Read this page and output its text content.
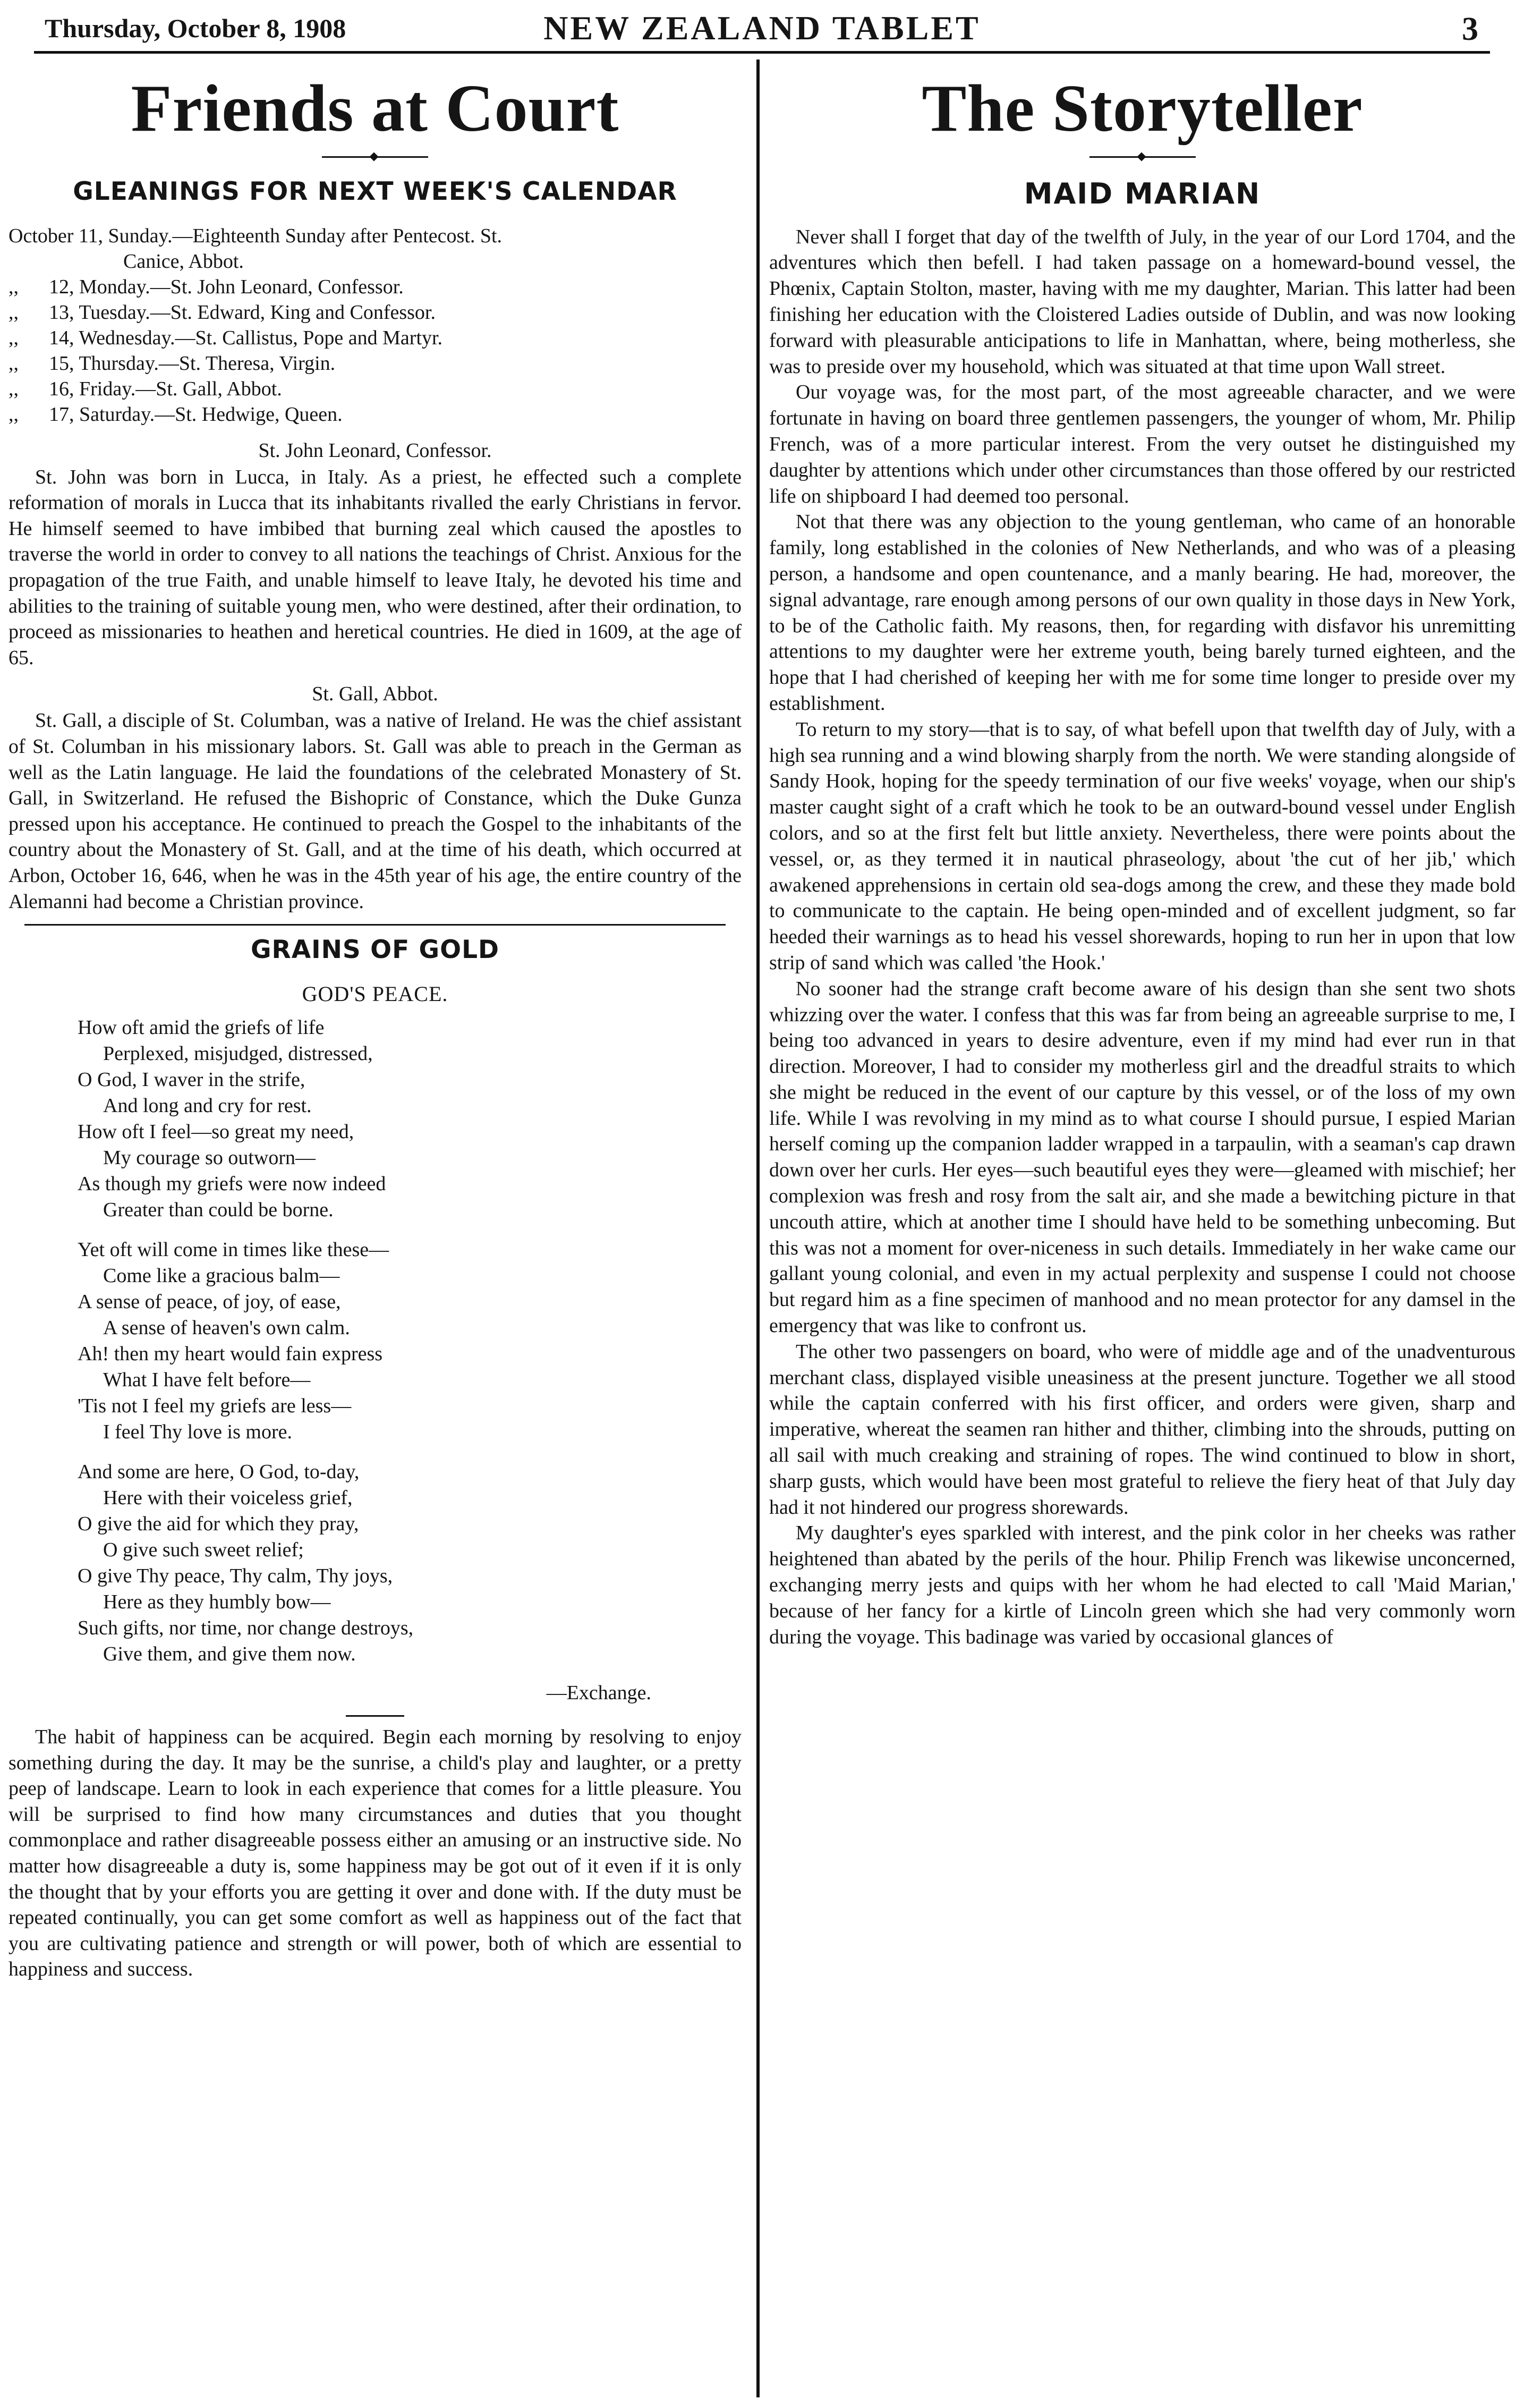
Thursday, October 8, 1908	NEW ZEALAND TABLET	3
Friends at Court
GLEANINGS FOR NEXT WEEK'S CALENDAR
October 11, Sunday.—Eighteenth Sunday after Pentecost. St.
Canice, Abbot.
,, 12, Monday.—St. John Leonard, Confessor.
,, 13, Tuesday.—St. Edward, King and Confessor.
,, 14, Wednesday.—St. Callistus, Pope and Martyr.
,, 15, Thursday.—St. Theresa, Virgin.
,, 16, Friday.—St. Gall, Abbot.
,, 17, Saturday.—St. Hedwige, Queen.
St. John Leonard, Confessor.

St. John was born in Lucca, in Italy. As a priest, he effected such a complete reformation of morals in Lucca that its inhabitants rivalled the early Christians in fervor. He himself seemed to have imbibed that burning zeal which caused the apostles to traverse the world in order to convey to all nations the teachings of Christ. Anxious for the propagation of the true Faith, and unable himself to leave Italy, he devoted his time and abilities to the training of suitable young men, who were destined, after their ordination, to proceed as missionaries to heathen and heretical countries. He died in 1609, at the age of 65.

St. Gall, Abbot.

St. Gall, a disciple of St. Columban, was a native of Ireland. He was the chief assistant of St. Columban in his missionary labors. St. Gall was able to preach in the German as well as the Latin language. He laid the foundations of the celebrated Monastery of St. Gall, in Switzerland. He refused the Bishopric of Constance, which the Duke Gunza pressed upon his acceptance. He continued to preach the Gospel to the inhabitants of the country about the Monastery of St. Gall, and at the time of his death, which occurred at Arbon, October 16, 646, when he was in the 45th year of his age, the entire country of the Alemanni had become a Christian province.

GRAINS OF GOLD
GOD'S PEACE.
How oft amid the griefs of life
Perplexed, misjudged, distressed,
O God, I waver in the strife,
And long and cry for rest.
How oft I feel—so great my need,
My courage so outworn—
As though my griefs were now indeed
Greater than could be borne.
Yet oft will come in times like these—
Come like a gracious balm—
A sense of peace, of joy, of ease,
A sense of heaven's own calm.
Ah! then my heart would fain express
What I have felt before—
'Tis not I feel my griefs are less—
I feel Thy love is more.
And some are here, O God, to-day,
Here with their voiceless grief,
O give the aid for which they pray,
O give such sweet relief;
O give Thy peace, Thy calm, Thy joys,
Here as they humbly bow—
Such gifts, nor time, nor change destroys,
Give them, and give them now.
—Exchange.

The habit of happiness can be acquired. Begin each morning by resolving to enjoy something during the day. It may be the sunrise, a child's play and laughter, or a pretty peep of landscape. Learn to look in each experience that comes for a little pleasure. You will be surprised to find how many circumstances and duties that you thought commonplace and rather disagreeable possess either an amusing or an instructive side. No matter how disagreeable a duty is, some happiness may be got out of it even if it is only the thought that by your efforts you are getting it over and done with. If the duty must be repeated continually, you can get some comfort as well as happiness out of the fact that you are cultivating patience and strength or will power, both of which are essential to happiness and success.

The Storyteller
MAID MARIAN

Never shall I forget that day of the twelfth of July, in the year of our Lord 1704, and the adventures which then befell. I had taken passage on a homeward-bound vessel, the Phœnix, Captain Stolton, master, having with me my daughter, Marian. This latter had been finishing her education with the Cloistered Ladies outside of Dublin, and was now looking forward with pleasurable anticipations to life in Manhattan, where, being motherless, she was to preside over my household, which was situated at that time upon Wall street.

Our voyage was, for the most part, of the most agreeable character, and we were fortunate in having on board three gentlemen passengers, the younger of whom, Mr. Philip French, was of a more particular interest. From the very outset he distinguished my daughter by attentions which under other circumstances than those offered by our restricted life on shipboard I had deemed too personal.

Not that there was any objection to the young gentleman, who came of an honorable family, long established in the colonies of New Netherlands, and who was of a pleasing person, a handsome and open countenance, and a manly bearing. He had, moreover, the signal advantage, rare enough among persons of our own quality in those days in New York, to be of the Catholic faith. My reasons, then, for regarding with disfavor his unremitting attentions to my daughter were her extreme youth, being barely turned eighteen, and the hope that I had cherished of keeping her with me for some time longer to preside over my establishment.

To return to my story—that is to say, of what befell upon that twelfth day of July, with a high sea running and a wind blowing sharply from the north. We were standing alongside of Sandy Hook, hoping for the speedy termination of our five weeks' voyage, when our ship's master caught sight of a craft which he took to be an outward-bound vessel under English colors, and so at the first felt but little anxiety. Nevertheless, there were points about the vessel, or, as they termed it in nautical phraseology, about 'the cut of her jib,' which awakened apprehensions in certain old sea-dogs among the crew, and these they made bold to communicate to the captain. He being open-minded and of excellent judgment, so far heeded their warnings as to head his vessel shorewards, hoping to run her in upon that low strip of sand which was called 'the Hook.'

No sooner had the strange craft become aware of his design than she sent two shots whizzing over the water. I confess that this was far from being an agreeable surprise to me, I being too advanced in years to desire adventure, even if my mind had ever run in that direction. Moreover, I had to consider my motherless girl and the dreadful straits to which she might be reduced in the event of our capture by this vessel, or of the loss of my own life. While I was revolving in my mind as to what course I should pursue, I espied Marian herself coming up the companion ladder wrapped in a tarpaulin, with a seaman's cap drawn down over her curls. Her eyes—such beautiful eyes they were—gleamed with mischief; her complexion was fresh and rosy from the salt air, and she made a bewitching picture in that uncouth attire, which at another time I should have held to be something unbecoming. But this was not a moment for over-niceness in such details. Immediately in her wake came our gallant young colonial, and even in my actual perplexity and suspense I could not choose but regard him as a fine specimen of manhood and no mean protector for any damsel in the emergency that was like to confront us.

The other two passengers on board, who were of middle age and of the unadventurous merchant class, displayed visible uneasiness at the present juncture. Together we all stood while the captain conferred with his first officer, and orders were given, sharp and imperative, whereat the seamen ran hither and thither, climbing into the shrouds, putting on all sail with much creaking and straining of ropes. The wind continued to blow in short, sharp gusts, which would have been most grateful to relieve the fiery heat of that July day had it not hindered our progress shorewards.

My daughter's eyes sparkled with interest, and the pink color in her cheeks was rather heightened than abated by the perils of the hour. Philip French was likewise unconcerned, exchanging merry jests and quips with her whom he had elected to call 'Maid Marian,' because of her fancy for a kirtle of Lincoln green which she had very commonly worn during the voyage. This badinage was varied by occasional glances of
